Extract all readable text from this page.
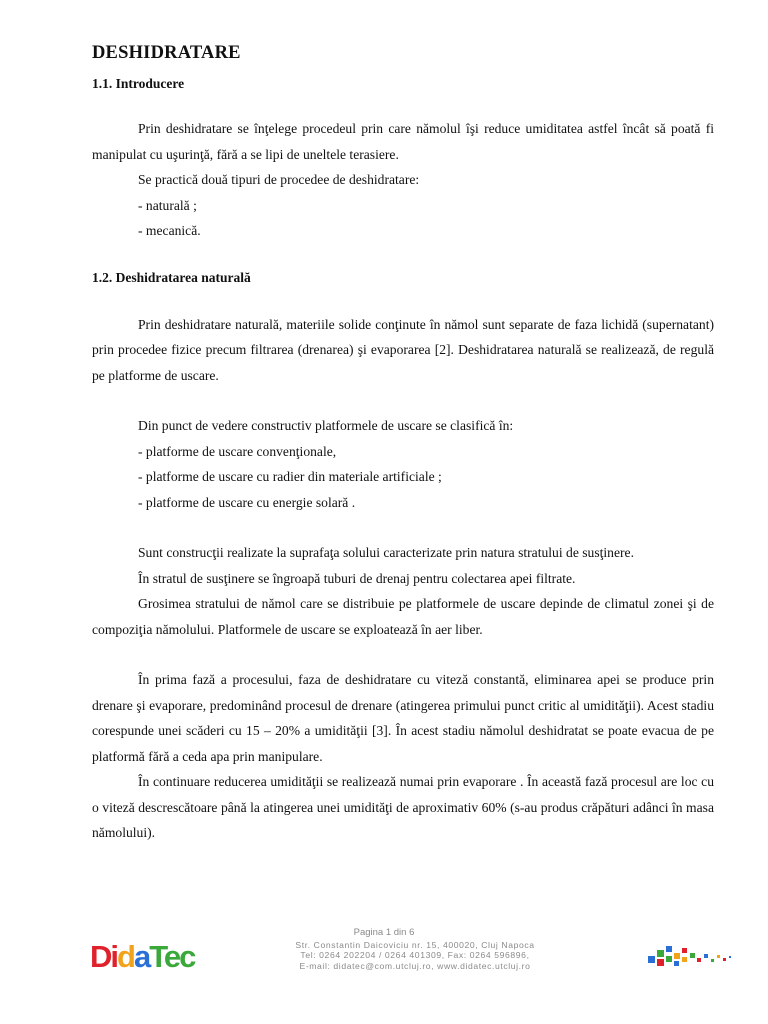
DESHIDRATARE
1.1. Introducere

Prin deshidratare se înţelege procedeul prin care nămolul îşi reduce umiditatea astfel încât să poată fi manipulat cu uşurinţă, fără a se lipi de uneltele terasiere.

Se practică două tipuri de procedee de deshidratare:

- naturală ;

- mecanică.

1.2. Deshidratarea naturală

Prin deshidratare naturală, materiile solide conţinute în nămol sunt separate de faza lichidă (supernatant) prin procedee fizice precum filtrarea (drenarea) şi evaporarea [2]. Deshidratarea naturală se realizează, de regulă pe platforme de uscare.

Din punct de vedere constructiv platformele de uscare se clasifică în:

- platforme de uscare convenţionale,

- platforme de uscare cu radier din materiale artificiale ;

- platforme de uscare cu energie solară .

Sunt construcţii realizate la suprafaţa solului caracterizate prin natura stratului de susţinere.

În stratul de susţinere se îngroapă tuburi de drenaj pentru colectarea apei filtrate.

Grosimea stratului de nămol care se distribuie pe platformele de uscare depinde de climatul zonei şi de compoziţia nămolului. Platformele de uscare se exploatează în aer liber.

În prima fază a procesului, faza de deshidratare cu viteză constantă, eliminarea apei se produce prin drenare şi evaporare, predominând procesul de drenare (atingerea primului punct critic al umidităţii). Acest stadiu corespunde unei scăderi cu 15 – 20% a umidităţii [3]. În acest stadiu nămolul deshidratat se poate evacua de pe platformă fără a ceda apa prin manipulare.

În continuare reducerea umidităţii se realizează numai prin evaporare . În această fază procesul are loc cu o viteză descrescătoare până la atingerea unei umidităţi de aproximativ 60% (s-au produs crăpături adânci în masa nămolului).

Pagina 1 din 6
DidaTec	Str. Constantin Daicoviciu nr. 15, 400020, Cluj Napoca
Tel: 0264 202204 / 0264 401309, Fax: 0264 596896,
E-mail: didatec@com.utcluj.ro, www.didatec.utcluj.ro
